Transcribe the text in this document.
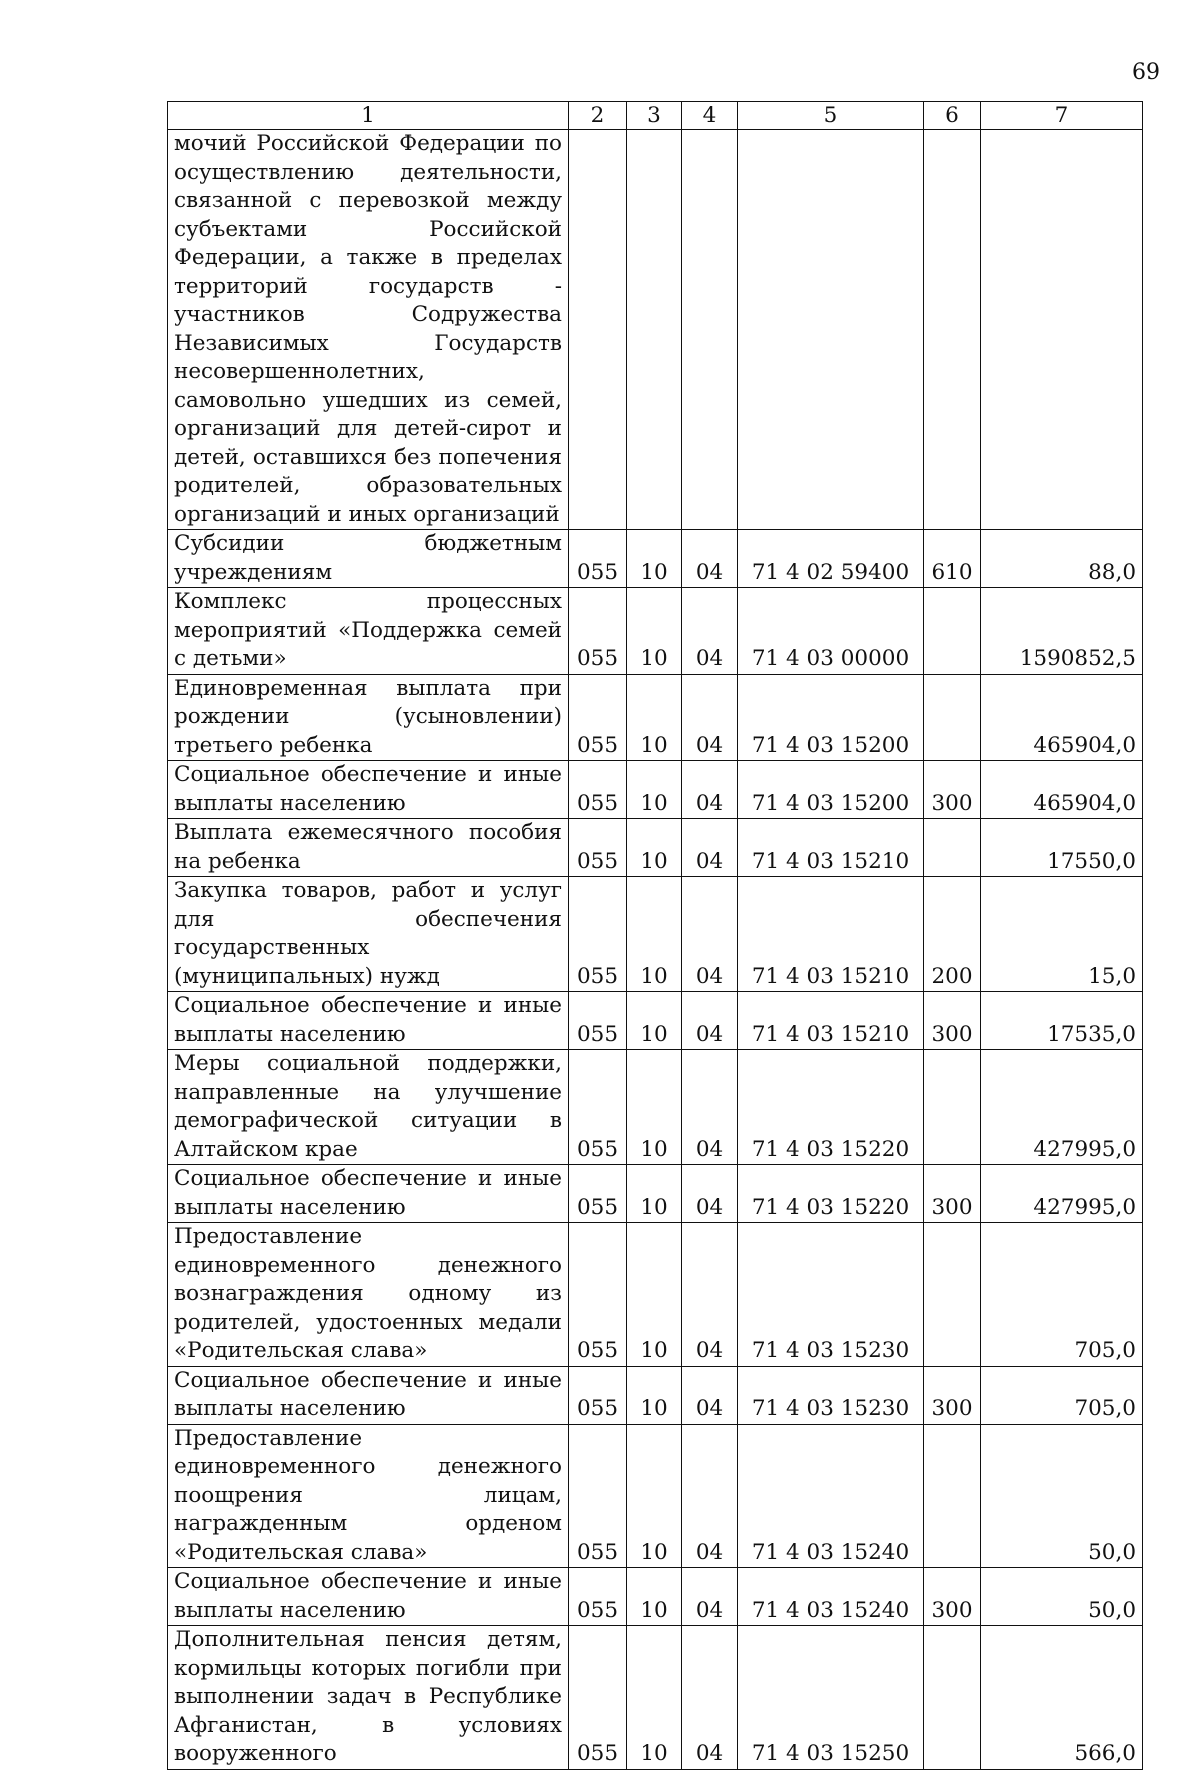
69
1	2	3	4	5	6	7
мочий Российской Федерации по осуществлению деятельности, связанной с перевозкой между субъектами Российской Федерации, а также в пределах территорий государств - участников Содружества Независимых Государств несовершеннолетних, самовольно ушедших из семей, организаций для детей-сирот и детей, оставшихся без попечения родителей, образовательных организаций и иных организаций						
Субсидии бюджетным учреждениям	055	10	04	71 4 02 59400	610	88,0
Комплекс процессных мероприятий «Поддержка семей с детьми»	055	10	04	71 4 03 00000		1590852,5
Единовременная выплата при рождении (усыновлении) третьего ребенка	055	10	04	71 4 03 15200		465904,0
Социальное обеспечение и иные выплаты населению	055	10	04	71 4 03 15200	300	465904,0
Выплата ежемесячного пособия на ребенка	055	10	04	71 4 03 15210		17550,0
Закупка товаров, работ и услуг для обеспечения государственных (муниципальных) нужд	055	10	04	71 4 03 15210	200	15,0
Социальное обеспечение и иные выплаты населению	055	10	04	71 4 03 15210	300	17535,0
Меры социальной поддержки, направленные на улучшение демографической ситуации в Алтайском крае	055	10	04	71 4 03 15220		427995,0
Социальное обеспечение и иные выплаты населению	055	10	04	71 4 03 15220	300	427995,0
Предоставление единовременного денежного вознаграждения одному из родителей, удостоенных медали «Родительская слава»	055	10	04	71 4 03 15230		705,0
Социальное обеспечение и иные выплаты населению	055	10	04	71 4 03 15230	300	705,0
Предоставление единовременного денежного поощрения лицам, награжденным орденом «Родительская слава»	055	10	04	71 4 03 15240		50,0
Социальное обеспечение и иные выплаты населению	055	10	04	71 4 03 15240	300	50,0
Дополнительная пенсия детям, кормильцы которых погибли при выполнении задач в Республике Афганистан, в условиях вооруженного	055	10	04	71 4 03 15250		566,0
